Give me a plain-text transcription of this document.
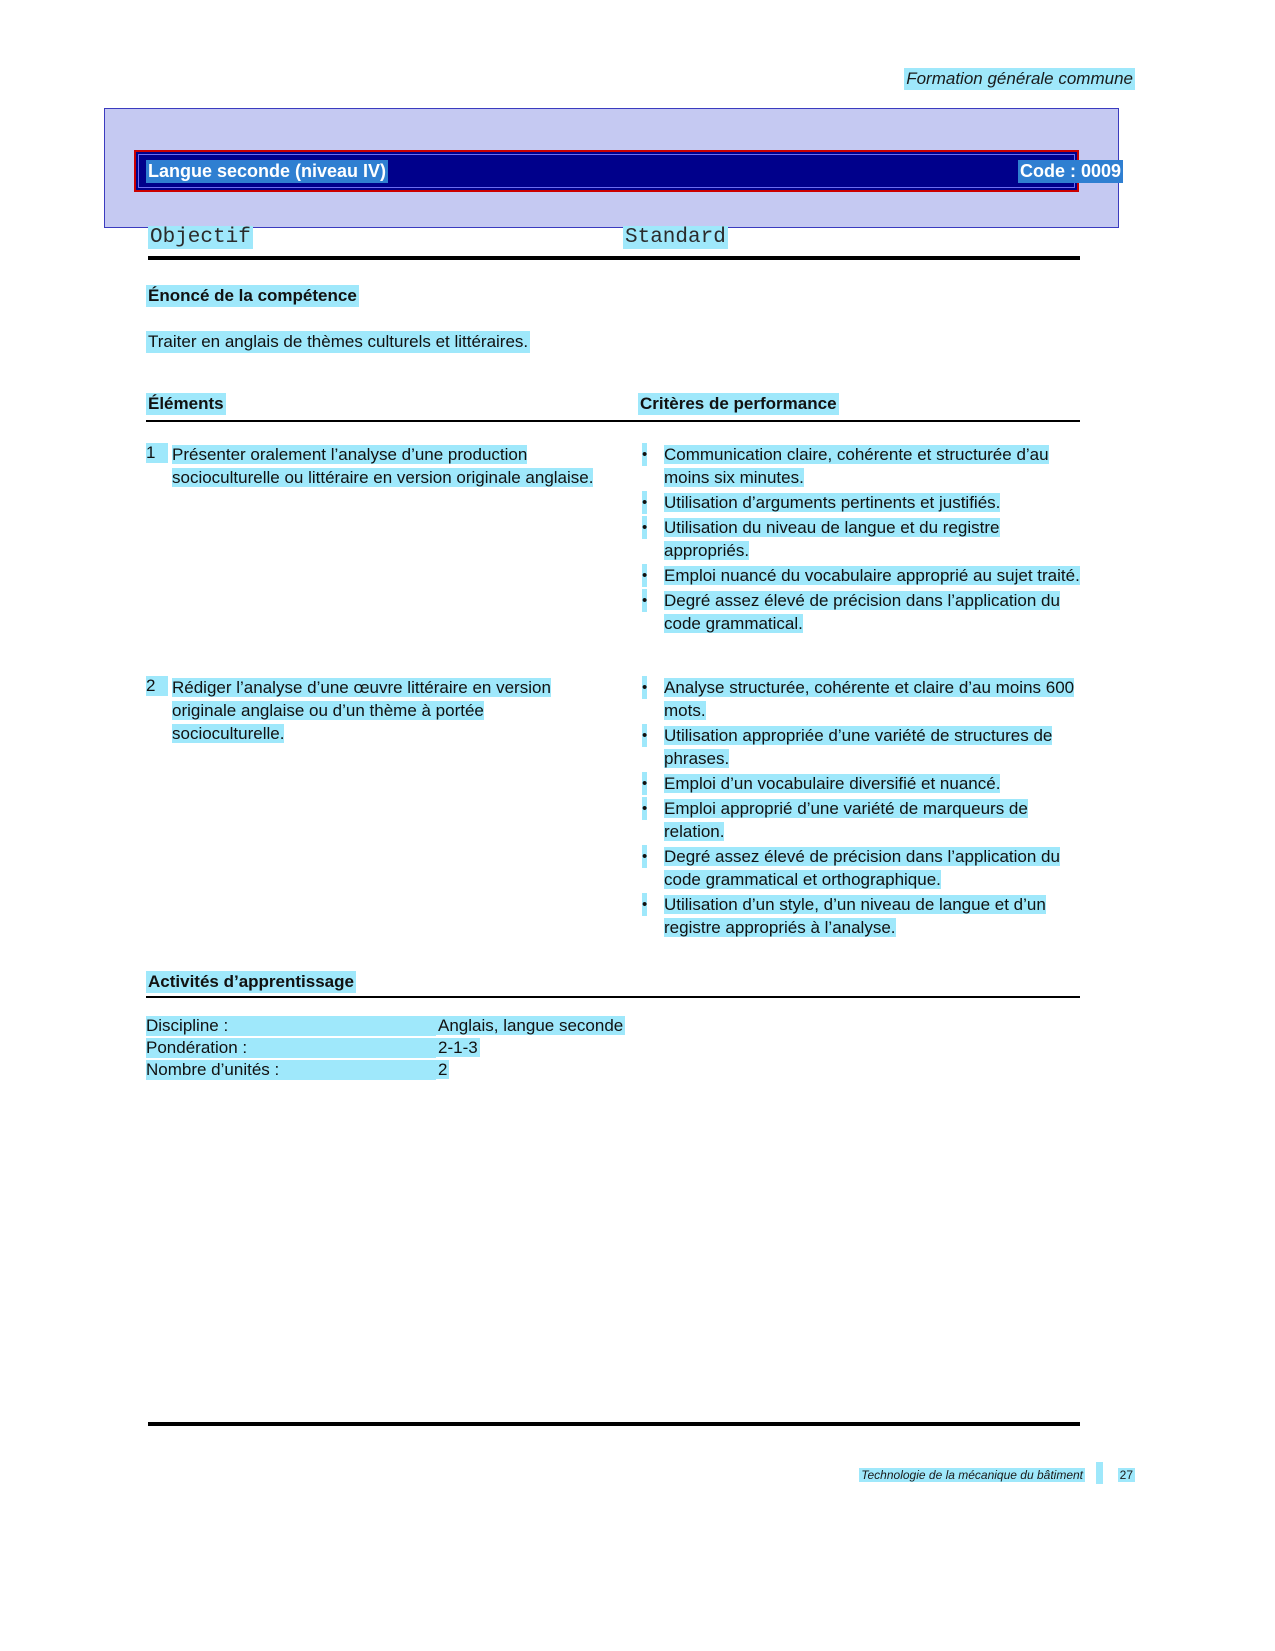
Formation générale commune
Langue seconde (niveau IV)	Code : 0009
Objectif	Standard
Énoncé de la compétence
Traiter en anglais de thèmes culturels et littéraires.
Éléments	Critères de performance
1 Présenter oralement l’analyse d’une production socioculturelle ou littéraire en version originale anglaise.
• Communication claire, cohérente et structurée d’au moins six minutes.
• Utilisation d’arguments pertinents et justifiés.
• Utilisation du niveau de langue et du registre appropriés.
• Emploi nuancé du vocabulaire approprié au sujet traité.
• Degré assez élevé de précision dans l’application du code grammatical.
2 Rédiger l’analyse d’une œuvre littéraire en version originale anglaise ou d’un thème à portée socioculturelle.
• Analyse structurée, cohérente et claire d’au moins 600 mots.
• Utilisation appropriée d’une variété de structures de phrases.
• Emploi d’un vocabulaire diversifié et nuancé.
• Emploi approprié d’une variété de marqueurs de relation.
• Degré assez élevé de précision dans l’application du code grammatical et orthographique.
• Utilisation d’un style, d’un niveau de langue et d’un registre appropriés à l’analyse.
Activités d’apprentissage
Discipline :	Anglais, langue seconde
Pondération :	2-1-3
Nombre d’unités :	2
Technologie de la mécanique du bâtiment	27
